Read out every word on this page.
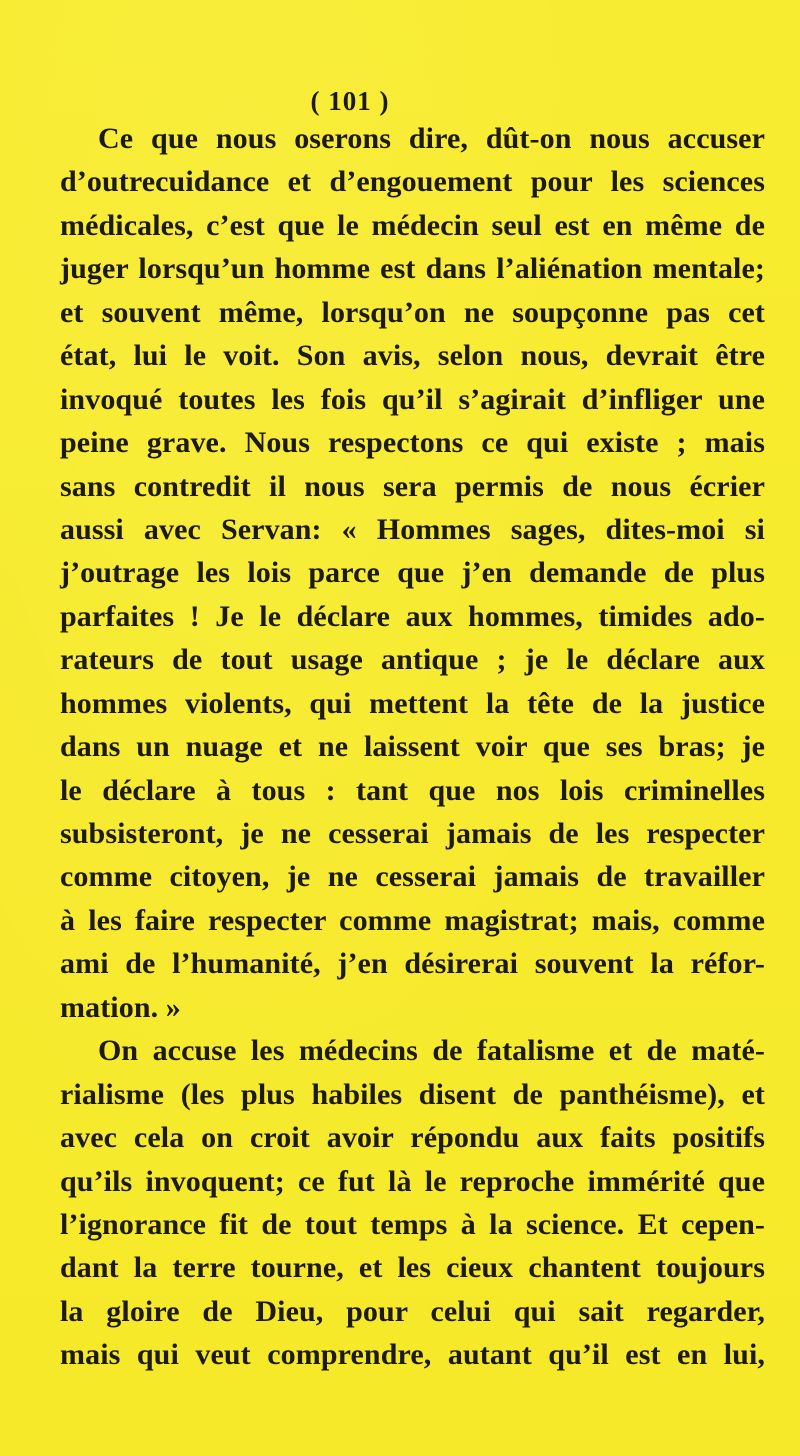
( 101 )
Ce que nous oserons dire, dût-on nous accuser
d’outrecuidance et d’engouement pour les sciences
médicales, c’est que le médecin seul est en même de
juger lorsqu’un homme est dans l’aliénation mentale;
et souvent même, lorsqu’on ne soupçonne pas cet
état, lui le voit. Son avis, selon nous, devrait être
invoqué toutes les fois qu’il s’agirait d’infliger une
peine grave. Nous respectons ce qui existe ; mais
sans contredit il nous sera permis de nous écrier
aussi avec Servan: « Hommes sages, dites-moi si
j’outrage les lois parce que j’en demande de plus
parfaites ! Je le déclare aux hommes, timides ado-
rateurs de tout usage antique ; je le déclare aux
hommes violents, qui mettent la tête de la justice
dans un nuage et ne laissent voir que ses bras; je
le déclare à tous : tant que nos lois criminelles
subsisteront, je ne cesserai jamais de les respecter
comme citoyen, je ne cesserai jamais de travailler
à les faire respecter comme magistrat; mais, comme
ami de l’humanité, j’en désirerai souvent la réfor-
mation. »
On accuse les médecins de fatalisme et de maté-
rialisme (les plus habiles disent de panthéisme), et
avec cela on croit avoir répondu aux faits positifs
qu’ils invoquent; ce fut là le reproche immérité que
l’ignorance fit de tout temps à la science. Et cepen-
dant la terre tourne, et les cieux chantent toujours
la gloire de Dieu, pour celui qui sait regarder,
mais qui veut comprendre, autant qu’il est en lui,
